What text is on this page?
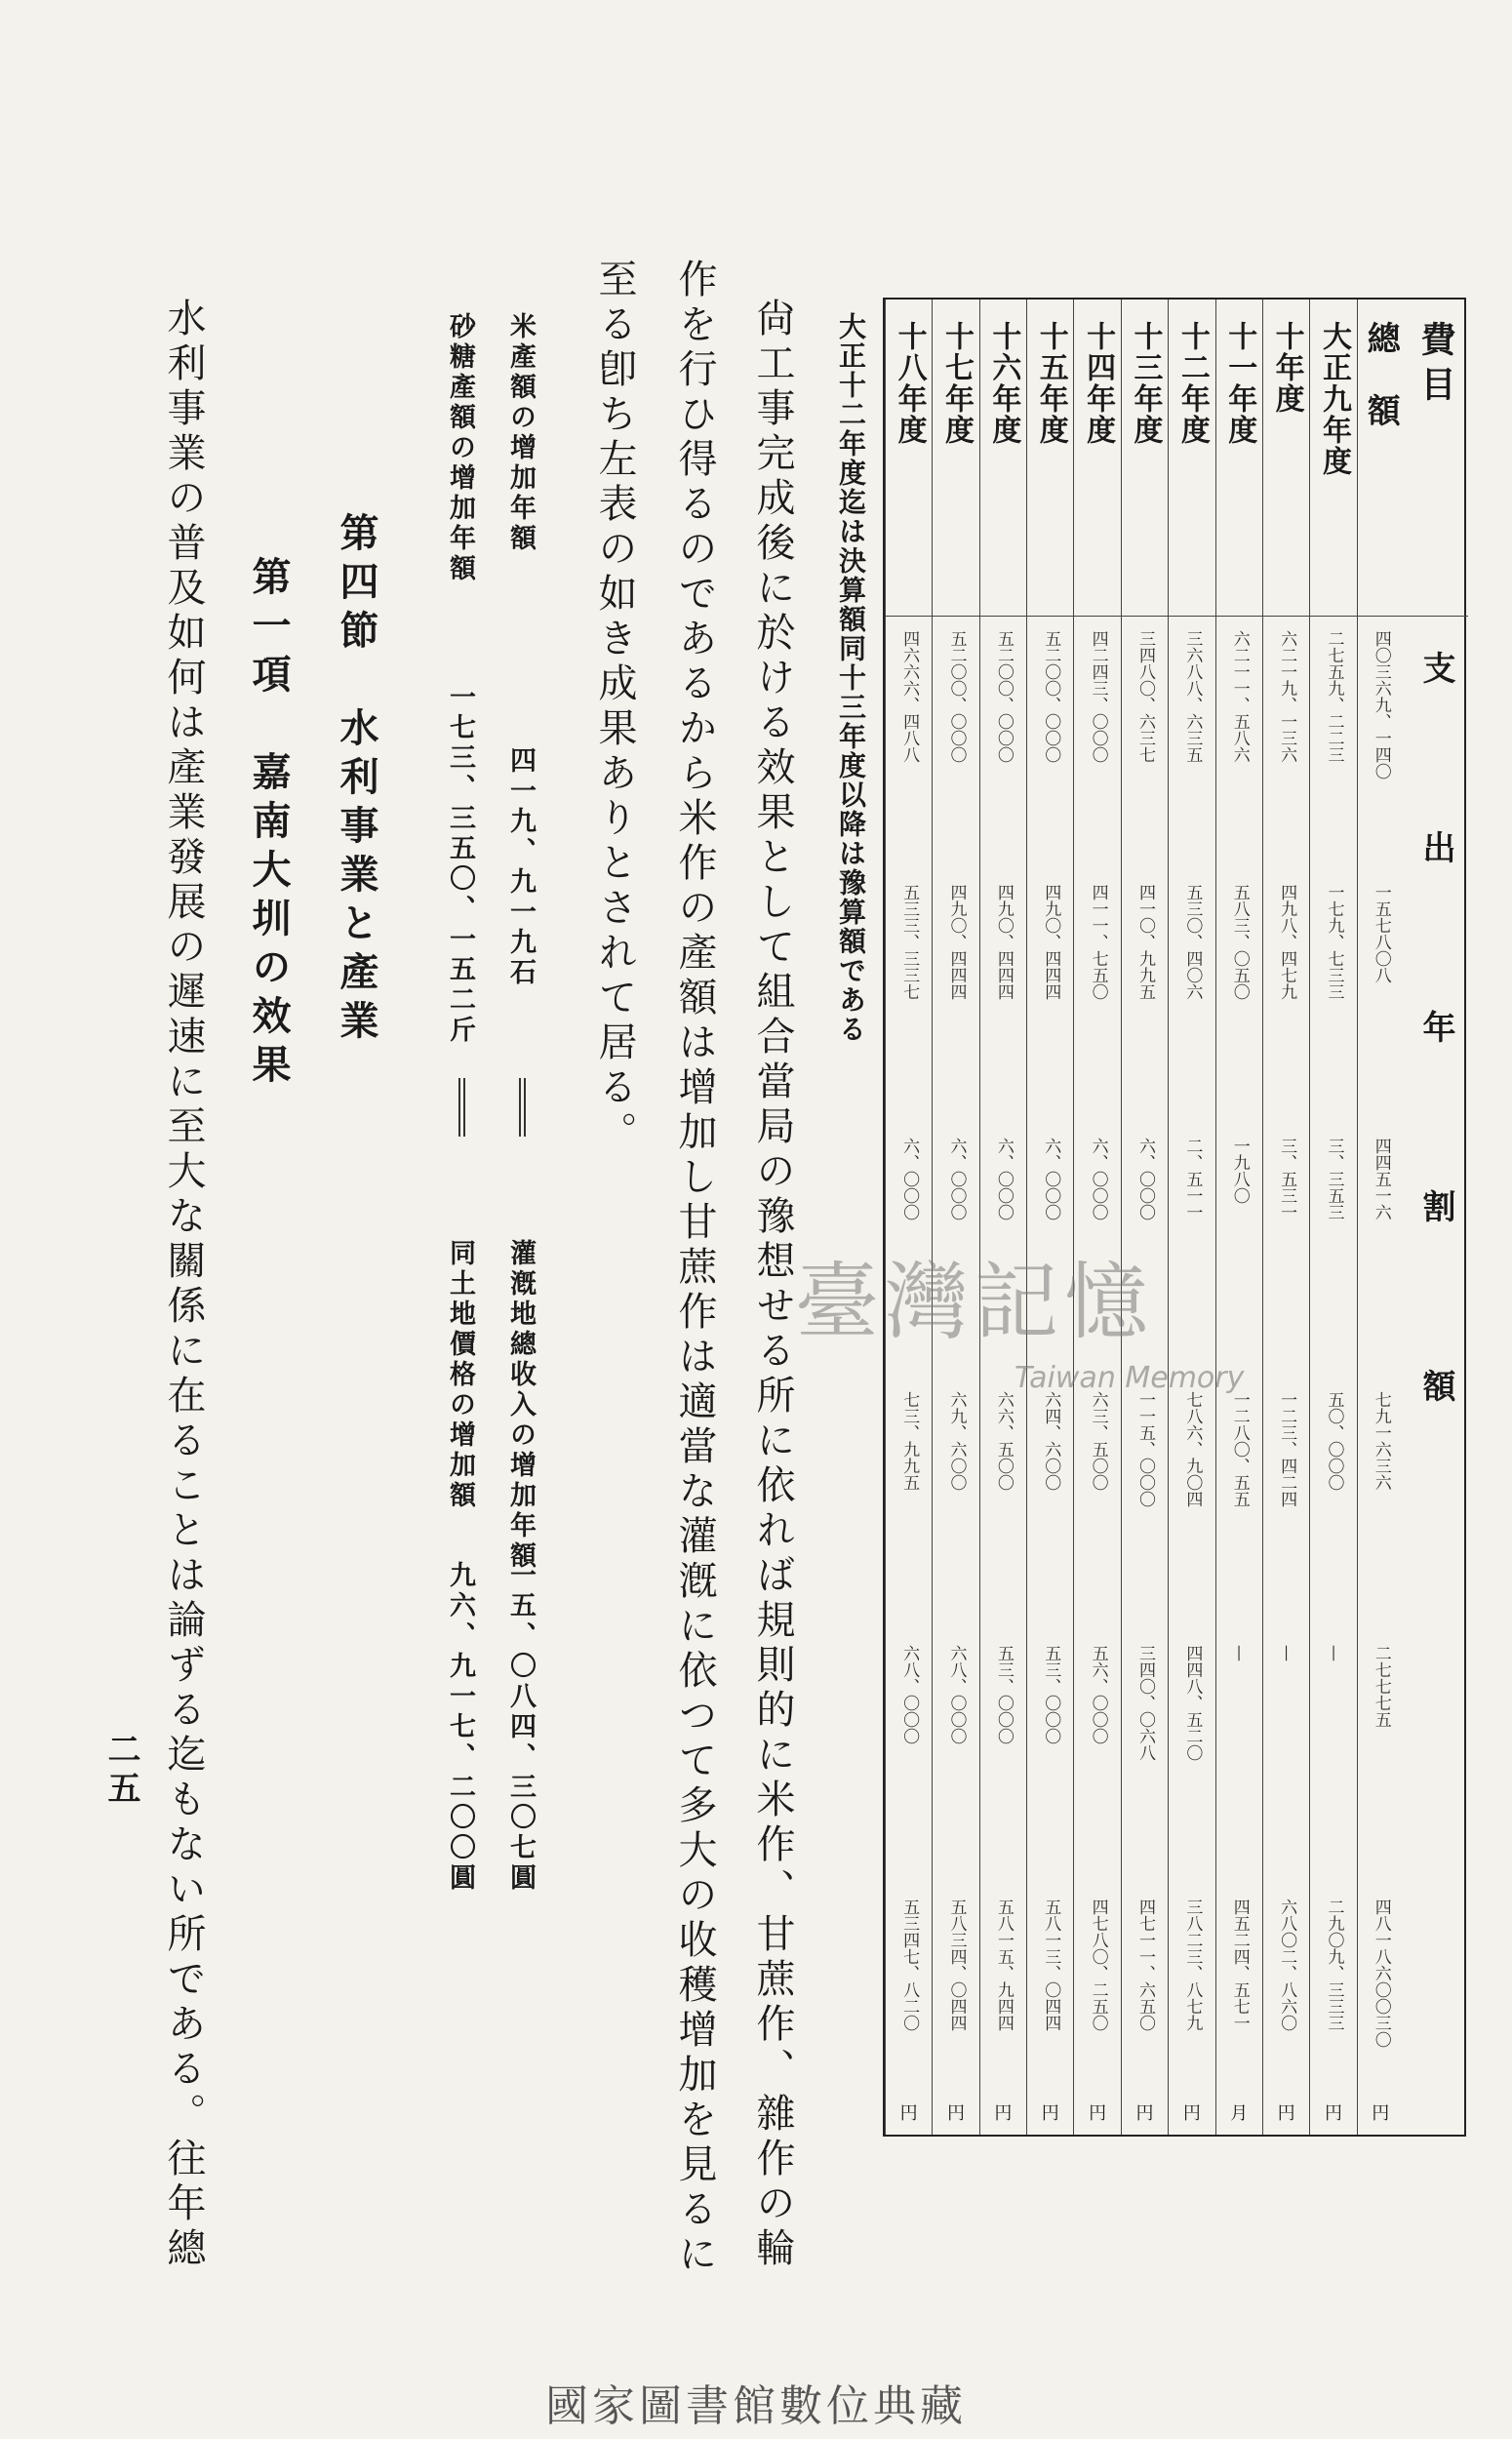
費目
支出年割額
總額
四〇三六九、一四〇
一五七八〇八
四四五一六
七九一六三六
二七七七五
四八一八六〇〇三〇
円
大正九年度
二七五九、二二三
一七九、七三三
三、三五三
五〇、〇〇〇
—
二九〇九、三三三
円
十年度
六二一九、一三六
四九八、四七九
三、五三一
一二三、四二四
—
六八〇二、八六〇
円
十一年度
六二一一、五八六
五八三、〇五〇
一九八〇
一二八〇、五五
—
四五二四、五七一
月
十二年度
三六八八、六三五
五三〇、四〇六
二、五一一
七八六、九〇四
四四八、五二〇
三八二三、八七九
円
十三年度
三四八〇、六三七
四一〇、九九五
六、〇〇〇
一一五、〇〇〇
三四〇、〇六八
四七一一、六五〇
円
十四年度
四二四三、〇〇〇
四一一、七五〇
六、〇〇〇
六三、五〇〇
五六、〇〇〇
四七八〇、二五〇
円
十五年度
五二〇〇、〇〇〇
四九〇、四四四
六、〇〇〇
六四、六〇〇
五三、〇〇〇
五八一三、〇四四
円
十六年度
五二〇〇、〇〇〇
四九〇、四四四
六、〇〇〇
六六、五〇〇
五三、〇〇〇
五八一五、九四四
円
十七年度
五二〇〇、〇〇〇
四九〇、四四四
六、〇〇〇
六九、六〇〇
六八、〇〇〇
五八三四、〇四四
円
十八年度
四六六六、四八八
五三三、三三七
六、〇〇〇
七三、九九五
六八、〇〇〇
五三四七、八二〇
円
大正十二年度迄は決算額同十三年度以降は豫算額である
尙工事完成後に於ける效果として組合當局の豫想せる所に依れば規則的に米作、甘蔗作、雜作の輪
作を行ひ得るのであるから米作の產額は增加し甘蔗作は適當な灌漑に依つて多大の收穫增加を見るに
至る卽ち左表の如き成果ありとされて居る。
米產額の增加年額
四一九、九一九石
灌漑地總收入の增加年額
一五、〇八四、三〇七圓
砂糖產額の增加年額
一七三、三五〇、一五二斤
同土地價格の增加額
九六、九一七、二〇〇圓
第四節　水利事業と產業
第一項　嘉南大圳の效果
水利事業の普及如何は產業發展の遲速に至大な關係に在ることは論ずる迄もない所である。往年總
二五
臺灣記憶
Taiwan Memory
國家圖書館數位典藏
